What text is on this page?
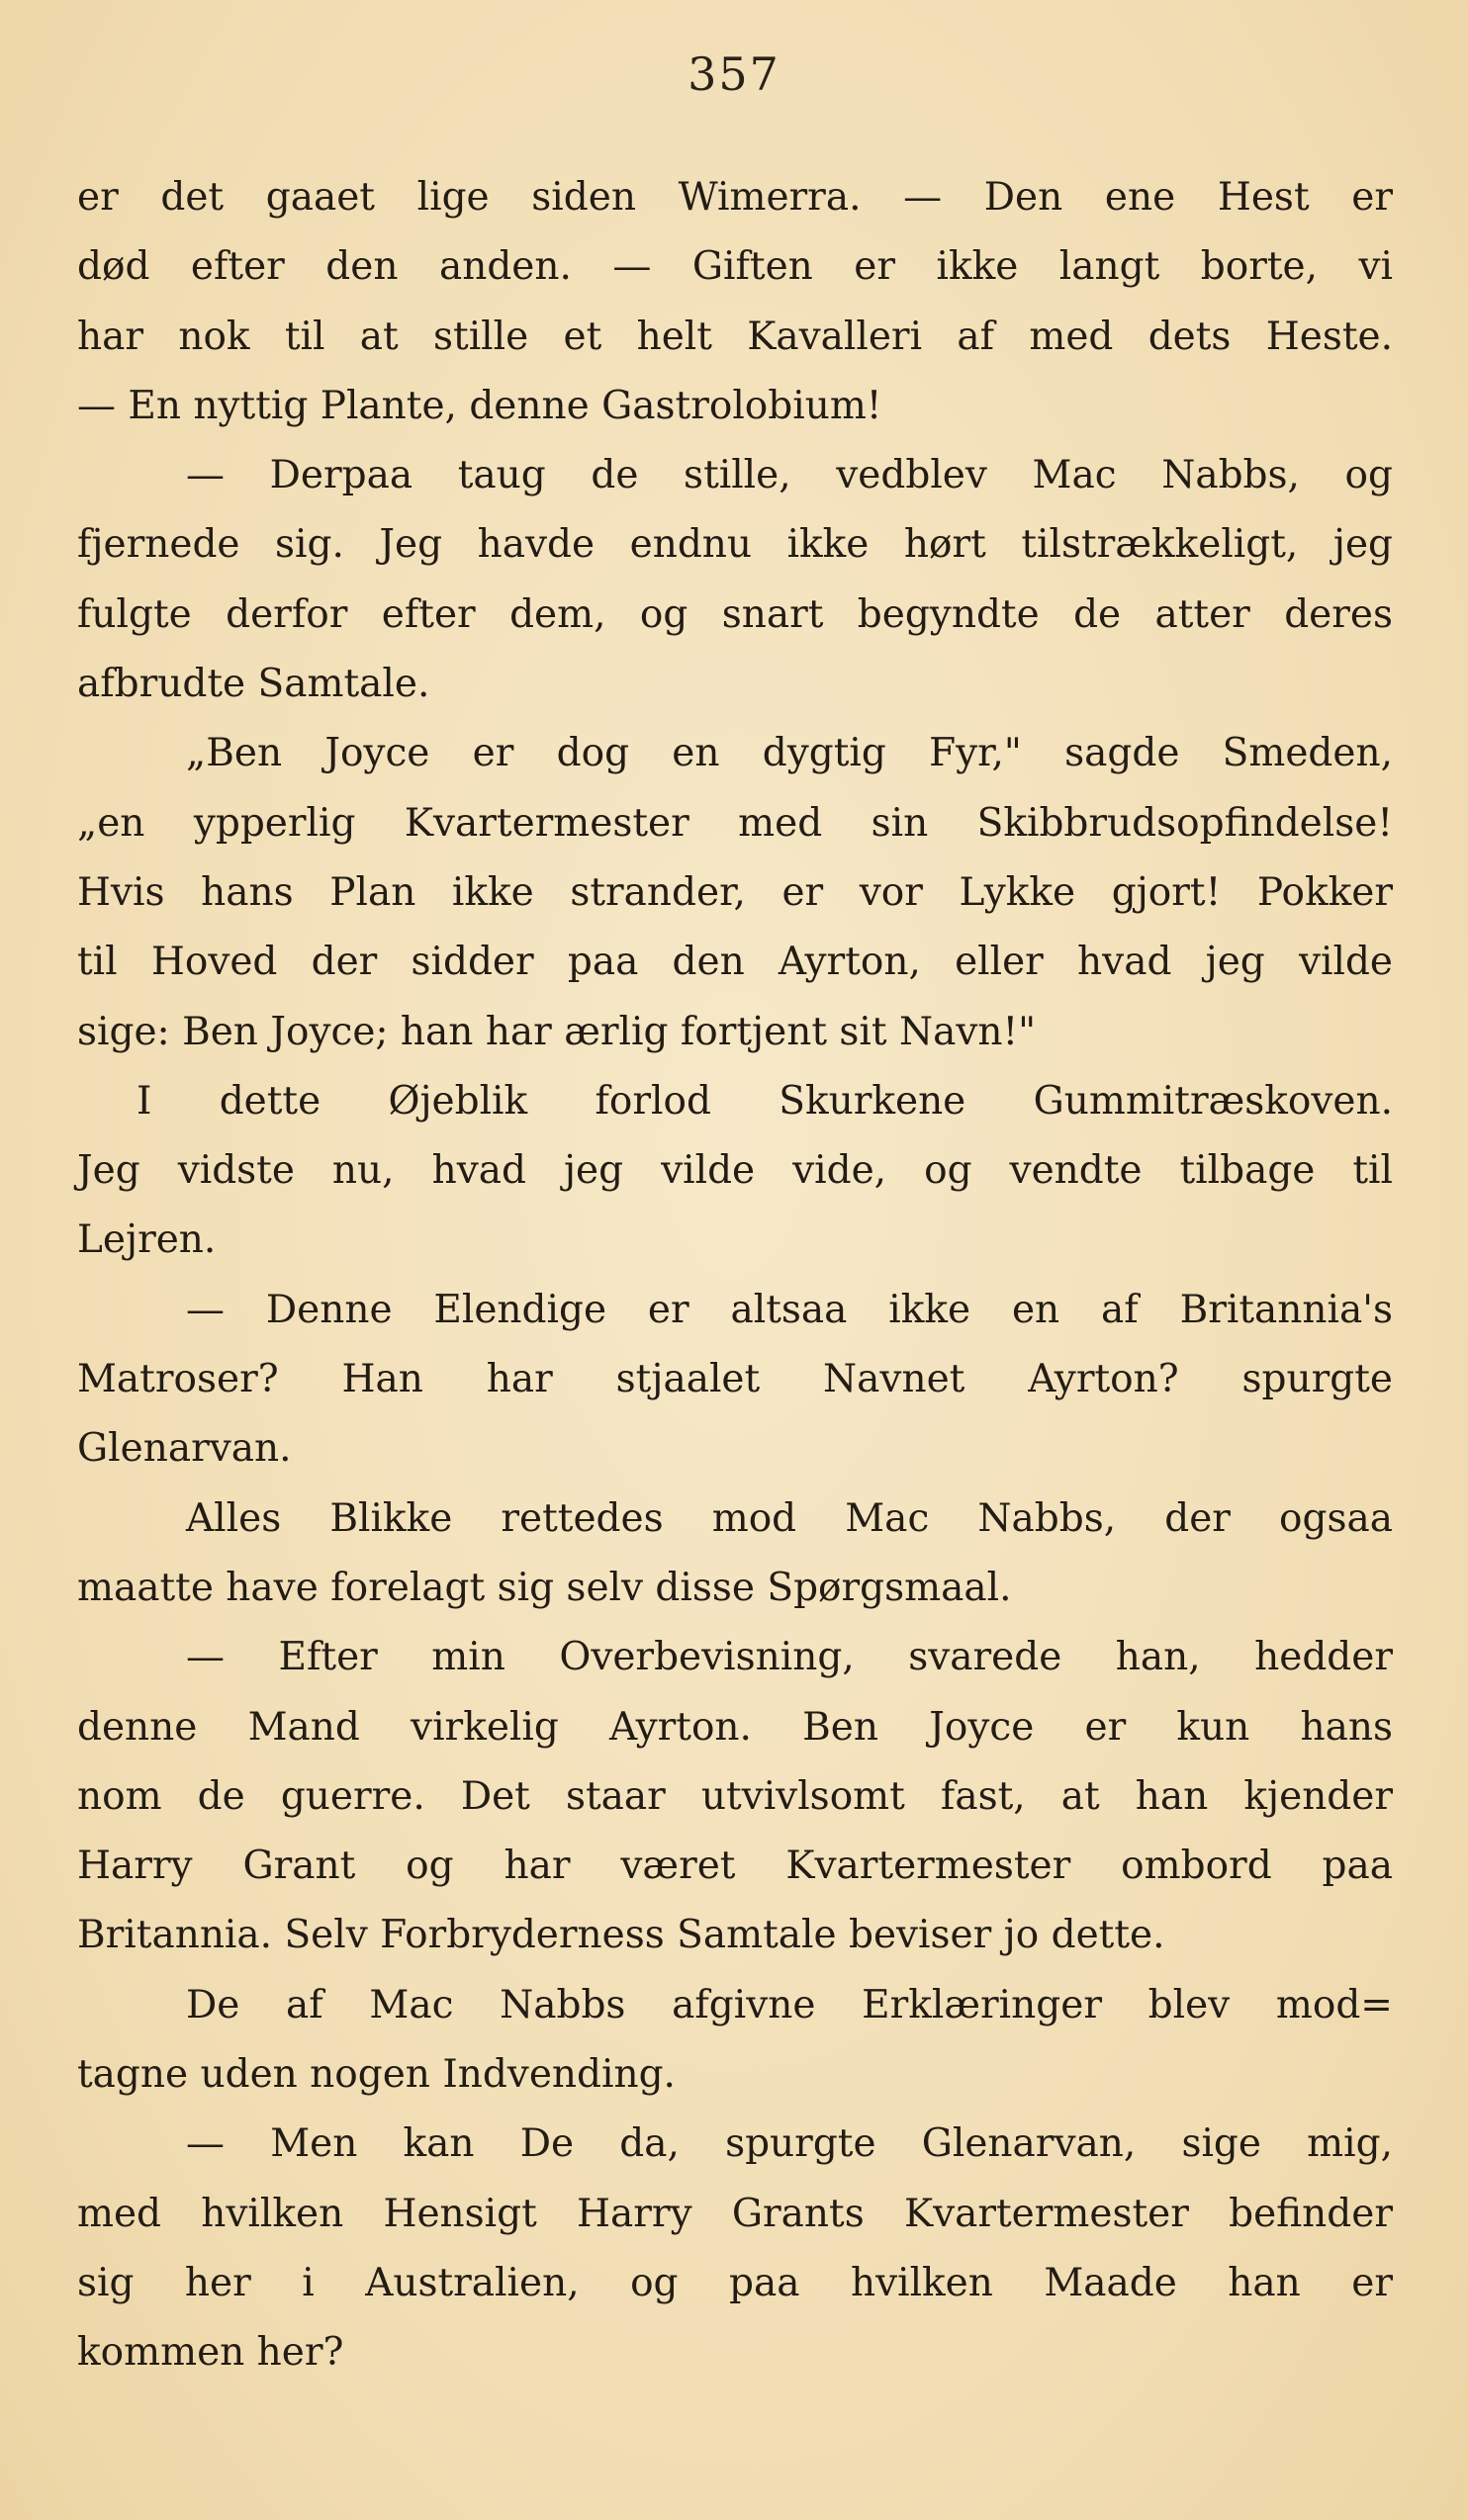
357
er det gaaet lige siden Wimerra. — Den ene Hest er
død efter den anden. — Giften er ikke langt borte, vi
har nok til at stille et helt Kavalleri af med dets Heste.
— En nyttig Plante, denne Gastrolobium!
— Derpaa taug de stille, vedblev Mac Nabbs, og
fjernede sig. Jeg havde endnu ikke hørt tilstrækkeligt, jeg
fulgte derfor efter dem, og snart begyndte de atter deres
afbrudte Samtale.
„Ben Joyce er dog en dygtig Fyr," sagde Smeden,
„en ypperlig Kvartermester med sin Skibbrudsopfindelse!
Hvis hans Plan ikke strander, er vor Lykke gjort! Pokker
til Hoved der sidder paa den Ayrton, eller hvad jeg vilde
sige: Ben Joyce; han har ærlig fortjent sit Navn!"
I dette Øjeblik forlod Skurkene Gummitræskoven.
Jeg vidste nu, hvad jeg vilde vide, og vendte tilbage til
Lejren.
— Denne Elendige er altsaa ikke en af Britannia's
Matroser? Han har stjaalet Navnet Ayrton? spurgte
Glenarvan.
Alles Blikke rettedes mod Mac Nabbs, der ogsaa
maatte have forelagt sig selv disse Spørgsmaal.
— Efter min Overbevisning, svarede han, hedder
denne Mand virkelig Ayrton. Ben Joyce er kun hans
nom de guerre. Det staar utvivlsomt fast, at han kjender
Harry Grant og har været Kvartermester ombord paa
Britannia. Selv Forbryderness Samtale beviser jo dette.
De af Mac Nabbs afgivne Erklæringer blev mod=
tagne uden nogen Indvending.
— Men kan De da, spurgte Glenarvan, sige mig,
med hvilken Hensigt Harry Grants Kvartermester befinder
sig her i Australien, og paa hvilken Maade han er
kommen her?
